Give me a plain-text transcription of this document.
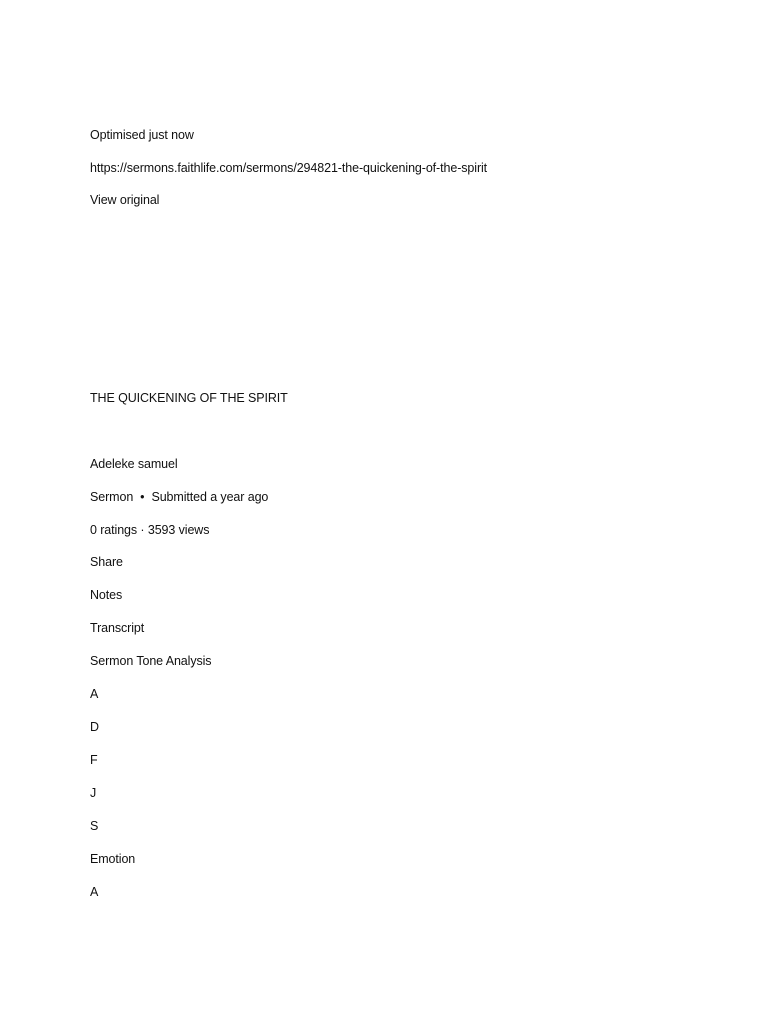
Optimised just now
https://sermons.faithlife.com/sermons/294821-the-quickening-of-the-spirit
View original
THE QUICKENING OF THE SPIRIT
Adeleke samuel
Sermon • Submitted a year ago
0 ratings · 3593 views
Share
Notes
Transcript
Sermon Tone Analysis
A
D
F
J
S
Emotion
A
